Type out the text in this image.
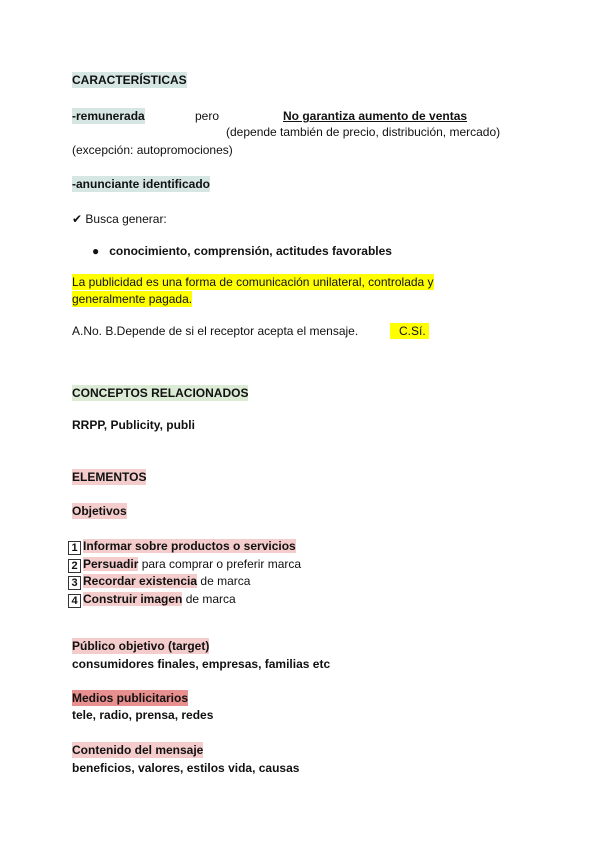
CARACTERÍSTICAS
-remunerada	pero	No garantiza aumento de ventas
(depende también de precio, distribución, mercado)
(excepción: autopromociones)
-anunciante identificado
✔ Busca generar:
● conocimiento, comprensión, actitudes favorables
La publicidad es una forma de comunicación unilateral, controlada y
generalmente pagada.
A.No. B.Depende de si el receptor acepta el mensaje.	C.Sí.
CONCEPTOS RELACIONADOS
RRPP, Publicity, publi
ELEMENTOS
Objetivos
1 Informar sobre productos o servicios
2 Persuadir para comprar o preferir marca
3 Recordar existencia de marca
4 Construir imagen de marca
Público objetivo (target)
consumidores finales, empresas, familias etc
Medios publicitarios
tele, radio, prensa, redes
Contenido del mensaje
beneficios, valores, estilos vida, causas
